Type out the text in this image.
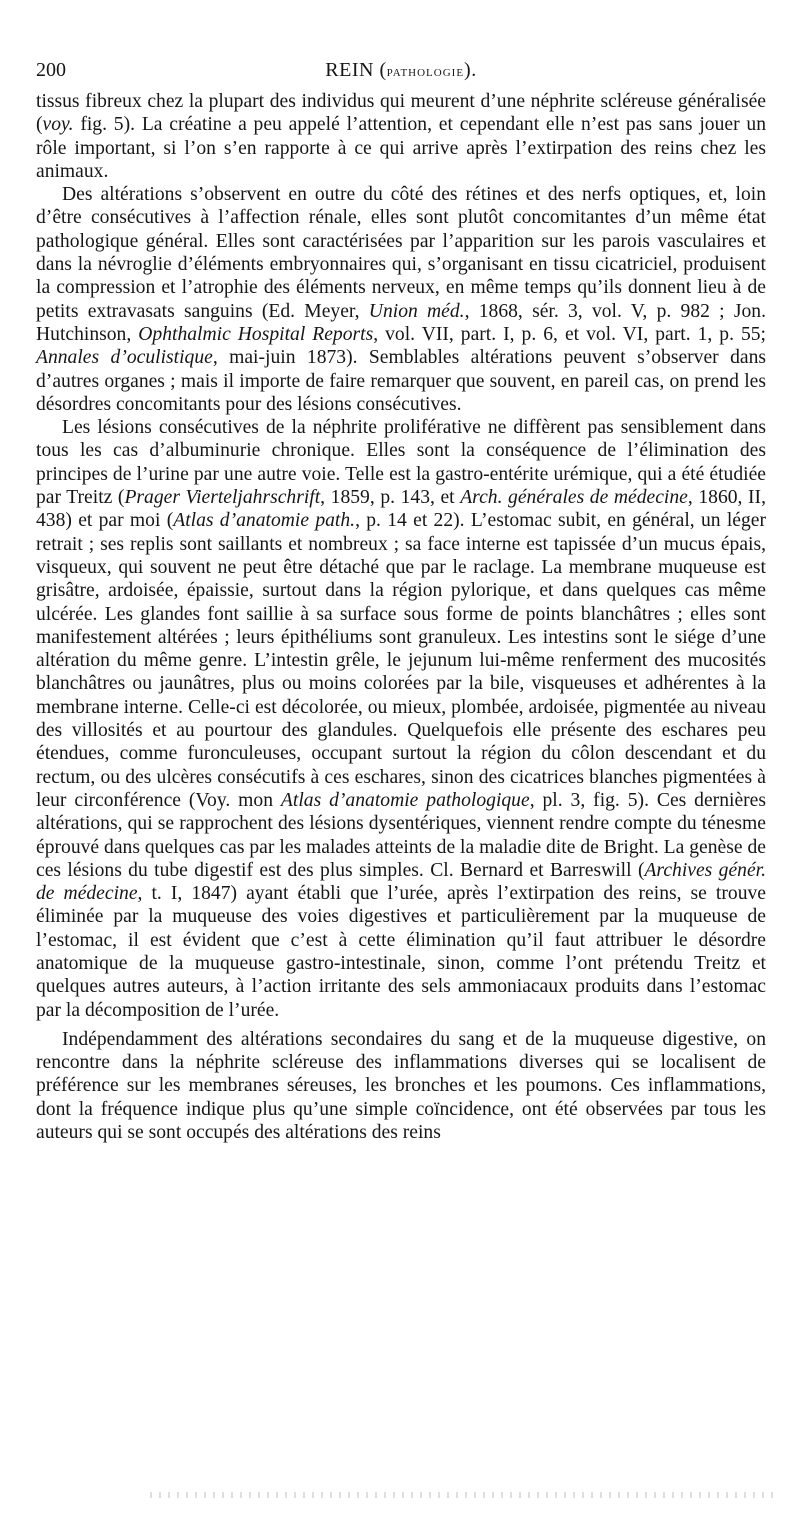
200	REIN (pathologie).

tissus fibreux chez la plupart des individus qui meurent d’une néphrite scléreuse généralisée (voy. fig. 5). La créatine a peu appelé l’attention, et cependant elle n’est pas sans jouer un rôle important, si l’on s’en rapporte à ce qui arrive après l’extirpation des reins chez les animaux.

Des altérations s’observent en outre du côté des rétines et des nerfs optiques, et, loin d’être consécutives à l’affection rénale, elles sont plutôt concomitantes d’un même état pathologique général. Elles sont caractérisées par l’apparition sur les parois vasculaires et dans la névroglie d’éléments embryonnaires qui, s’organisant en tissu cicatriciel, produisent la compression et l’atrophie des éléments nerveux, en même temps qu’ils donnent lieu à de petits extravasats sanguins (Ed. Meyer, Union méd., 1868, sér. 3, vol. V, p. 982 ; Jon. Hutchinson, Ophthalmic Hospital Reports, vol. VII, part. I, p. 6, et vol. VI, part. 1, p. 55; Annales d’oculistique, mai-juin 1873). Semblables altérations peuvent s’observer dans d’autres organes ; mais il importe de faire remarquer que souvent, en pareil cas, on prend les désordres concomitants pour des lésions consécutives.

Les lésions consécutives de la néphrite proliférative ne diffèrent pas sensiblement dans tous les cas d’albuminurie chronique. Elles sont la conséquence de l’élimination des principes de l’urine par une autre voie. Telle est la gastro-entérite urémique, qui a été étudiée par Treitz (Prager Vierteljahrschrift, 1859, p. 143, et Arch. générales de médecine, 1860, II, 438) et par moi (Atlas d’anatomie path., p. 14 et 22). L’estomac subit, en général, un léger retrait ; ses replis sont saillants et nombreux ; sa face interne est tapissée d’un mucus épais, visqueux, qui souvent ne peut être détaché que par le raclage. La membrane muqueuse est grisâtre, ardoisée, épaissie, surtout dans la région pylorique, et dans quelques cas même ulcérée. Les glandes font saillie à sa surface sous forme de points blanchâtres ; elles sont manifestement altérées ; leurs épithéliums sont granuleux. Les intestins sont le siége d’une altération du même genre. L’intestin grêle, le jejunum lui-même renferment des mucosités blanchâtres ou jaunâtres, plus ou moins colorées par la bile, visqueuses et adhérentes à la membrane interne. Celle-ci est décolorée, ou mieux, plombée, ardoisée, pigmentée au niveau des villosités et au pourtour des glandules. Quelquefois elle présente des eschares peu étendues, comme furonculeuses, occupant surtout la région du côlon descendant et du rectum, ou des ulcères consécutifs à ces eschares, sinon des cicatrices blanches pigmentées à leur circonférence (Voy. mon Atlas d’anatomie pathologique, pl. 3, fig. 5). Ces dernières altérations, qui se rapprochent des lésions dysentériques, viennent rendre compte du ténesme éprouvé dans quelques cas par les malades atteints de la maladie dite de Bright. La genèse de ces lésions du tube digestif est des plus simples. Cl. Bernard et Barreswill (Archives génér. de médecine, t. I, 1847) ayant établi que l’urée, après l’extirpation des reins, se trouve éliminée par la muqueuse des voies digestives et particulièrement par la muqueuse de l’estomac, il est évident que c’est à cette élimination qu’il faut attribuer le désordre anatomique de la muqueuse gastro-intestinale, sinon, comme l’ont prétendu Treitz et quelques autres auteurs, à l’action irritante des sels ammoniacaux produits dans l’estomac par la décomposition de l’urée.

Indépendamment des altérations secondaires du sang et de la muqueuse digestive, on rencontre dans la néphrite scléreuse des inflammations diverses qui se localisent de préférence sur les membranes séreuses, les bronches et les poumons. Ces inflammations, dont la fréquence indique plus qu’une simple coïncidence, ont été observées par tous les auteurs qui se sont occupés des altérations des reins
